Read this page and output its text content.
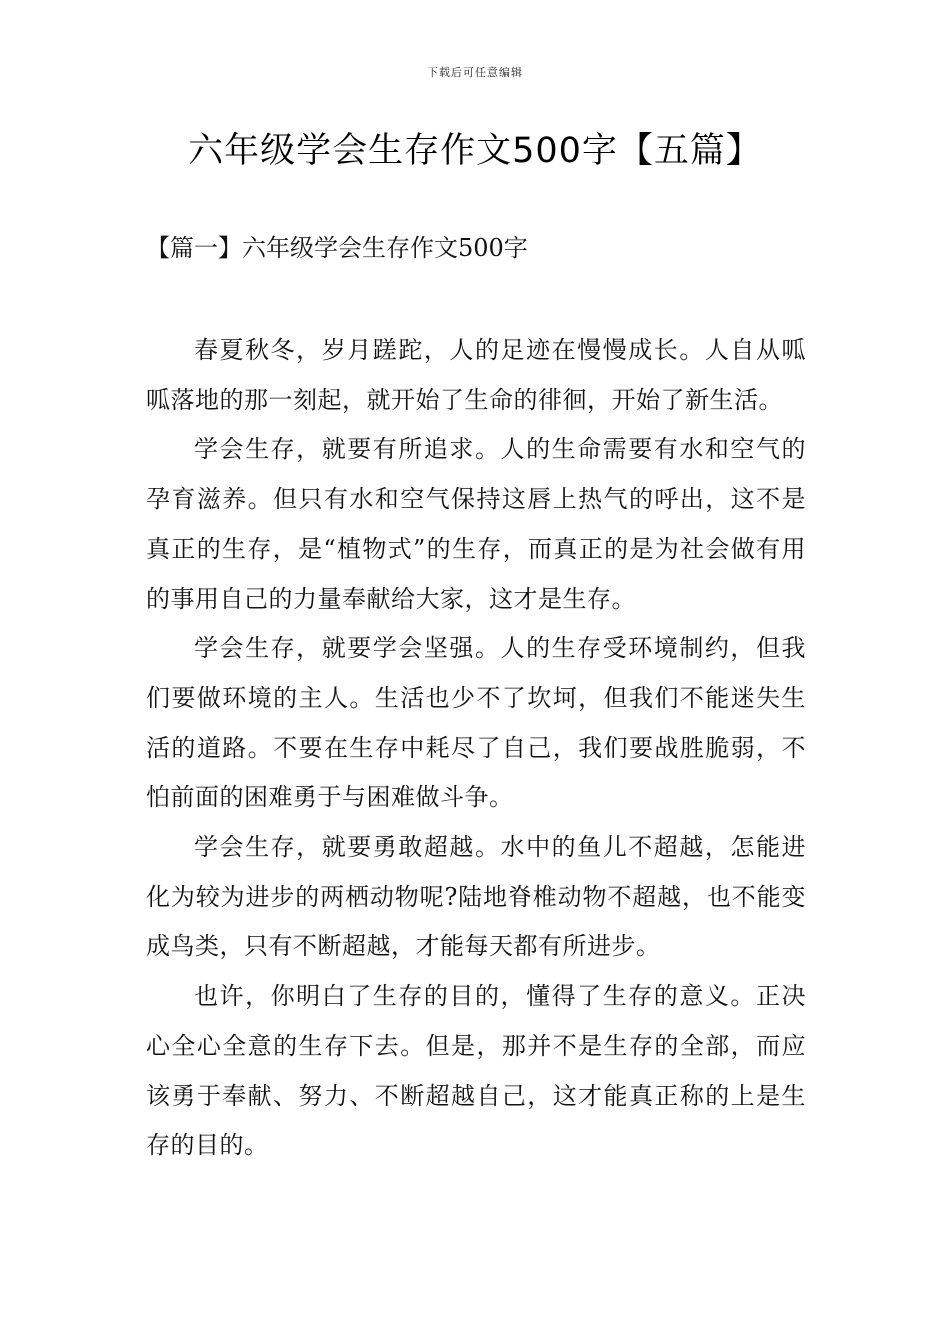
下载后可任意编辑
六年级学会生存作文500字【五篇】
【篇一】六年级学会生存作文500字

春夏秋冬，岁月蹉跎，人的足迹在慢慢成长。人自从呱呱落地的那一刻起，就开始了生命的徘徊，开始了新生活。

学会生存，就要有所追求。人的生命需要有水和空气的孕育滋养。但只有水和空气保持这唇上热气的呼出，这不是真正的生存，是“植物式”的生存，而真正的是为社会做有用的事用自己的力量奉献给大家，这才是生存。

学会生存，就要学会坚强。人的生存受环境制约，但我们要做环境的主人。生活也少不了坎坷，但我们不能迷失生活的道路。不要在生存中耗尽了自己，我们要战胜脆弱，不怕前面的困难勇于与困难做斗争。

学会生存，就要勇敢超越。水中的鱼儿不超越，怎能进化为较为进步的两栖动物呢?陆地脊椎动物不超越，也不能变成鸟类，只有不断超越，才能每天都有所进步。

也许，你明白了生存的目的，懂得了生存的意义。正决心全心全意的生存下去。但是，那并不是生存的全部，而应该勇于奉献、努力、不断超越自己，这才能真正称的上是生存的目的。
